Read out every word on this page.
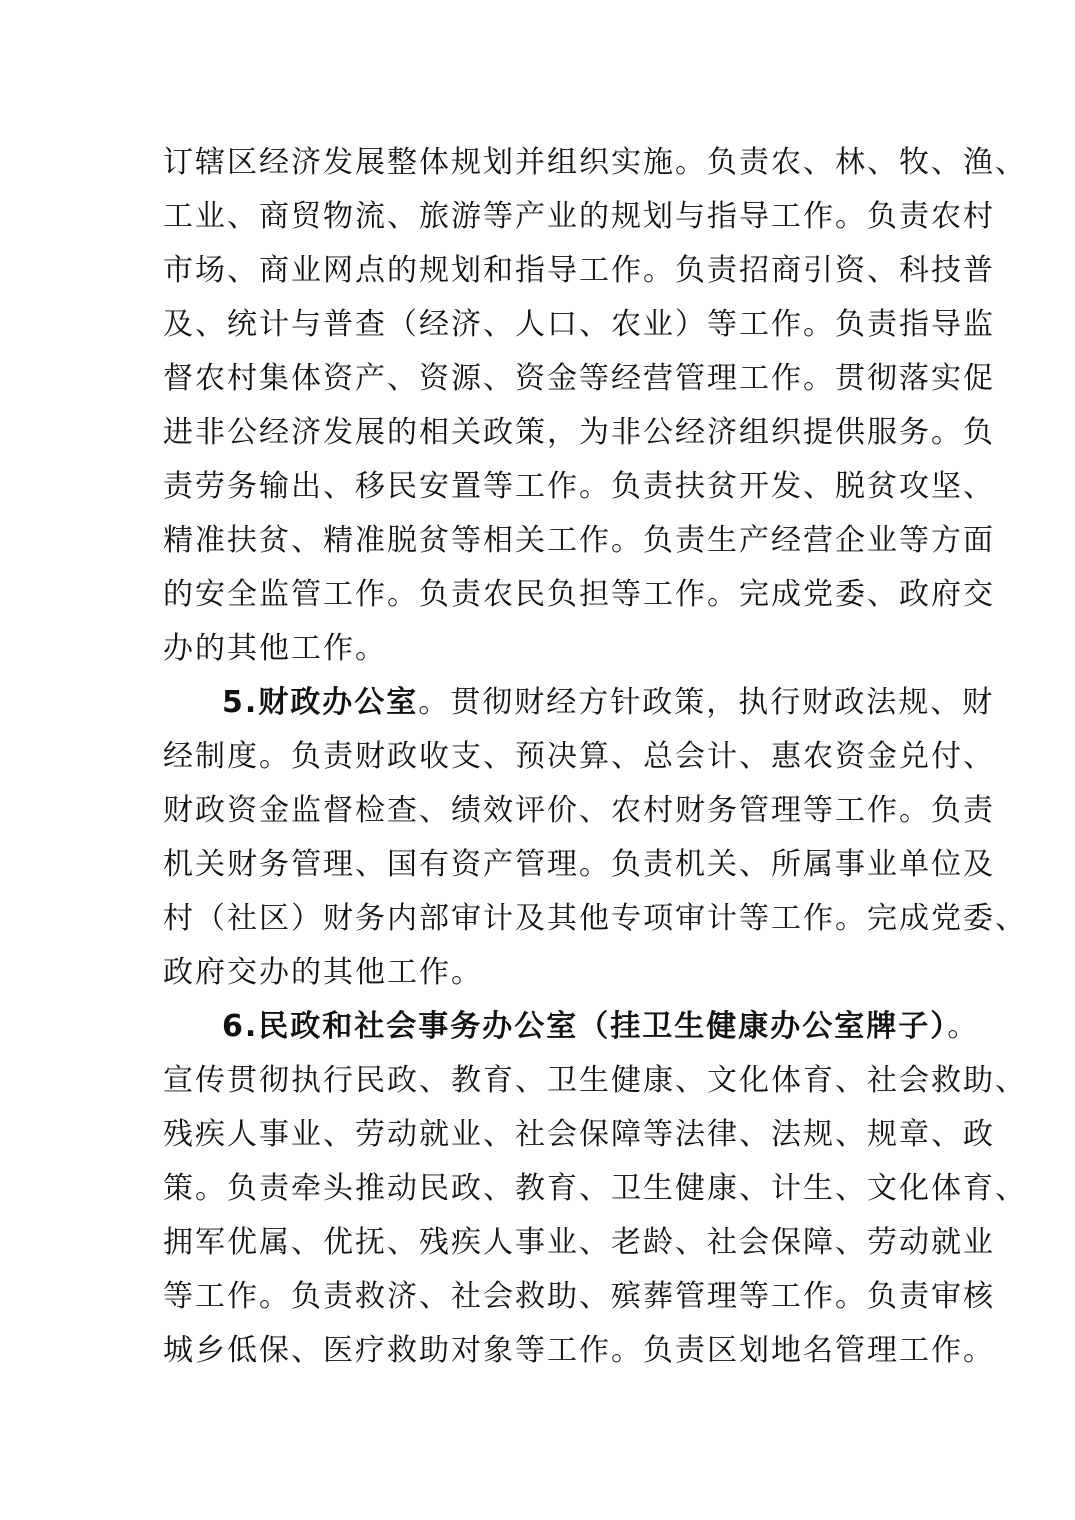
订辖区经济发展整体规划并组织实施。负责农、林、牧、渔、
工业、商贸物流、旅游等产业的规划与指导工作。负责农村
市场、商业网点的规划和指导工作。负责招商引资、科技普
及、统计与普查（经济、人口、农业）等工作。负责指导监
督农村集体资产、资源、资金等经营管理工作。贯彻落实促
进非公经济发展的相关政策，为非公经济组织提供服务。负
责劳务输出、移民安置等工作。负责扶贫开发、脱贫攻坚、
精准扶贫、精准脱贫等相关工作。负责生产经营企业等方面
的安全监管工作。负责农民负担等工作。完成党委、政府交
办的其他工作。
5.财政办公室。贯彻财经方针政策，执行财政法规、财
经制度。负责财政收支、预决算、总会计、惠农资金兑付、
财政资金监督检查、绩效评价、农村财务管理等工作。负责
机关财务管理、国有资产管理。负责机关、所属事业单位及
村（社区）财务内部审计及其他专项审计等工作。完成党委、
政府交办的其他工作。
6.民政和社会事务办公室（挂卫生健康办公室牌子）。
宣传贯彻执行民政、教育、卫生健康、文化体育、社会救助、
残疾人事业、劳动就业、社会保障等法律、法规、规章、政
策。负责牵头推动民政、教育、卫生健康、计生、文化体育、
拥军优属、优抚、残疾人事业、老龄、社会保障、劳动就业
等工作。负责救济、社会救助、殡葬管理等工作。负责审核
城乡低保、医疗救助对象等工作。负责区划地名管理工作。
